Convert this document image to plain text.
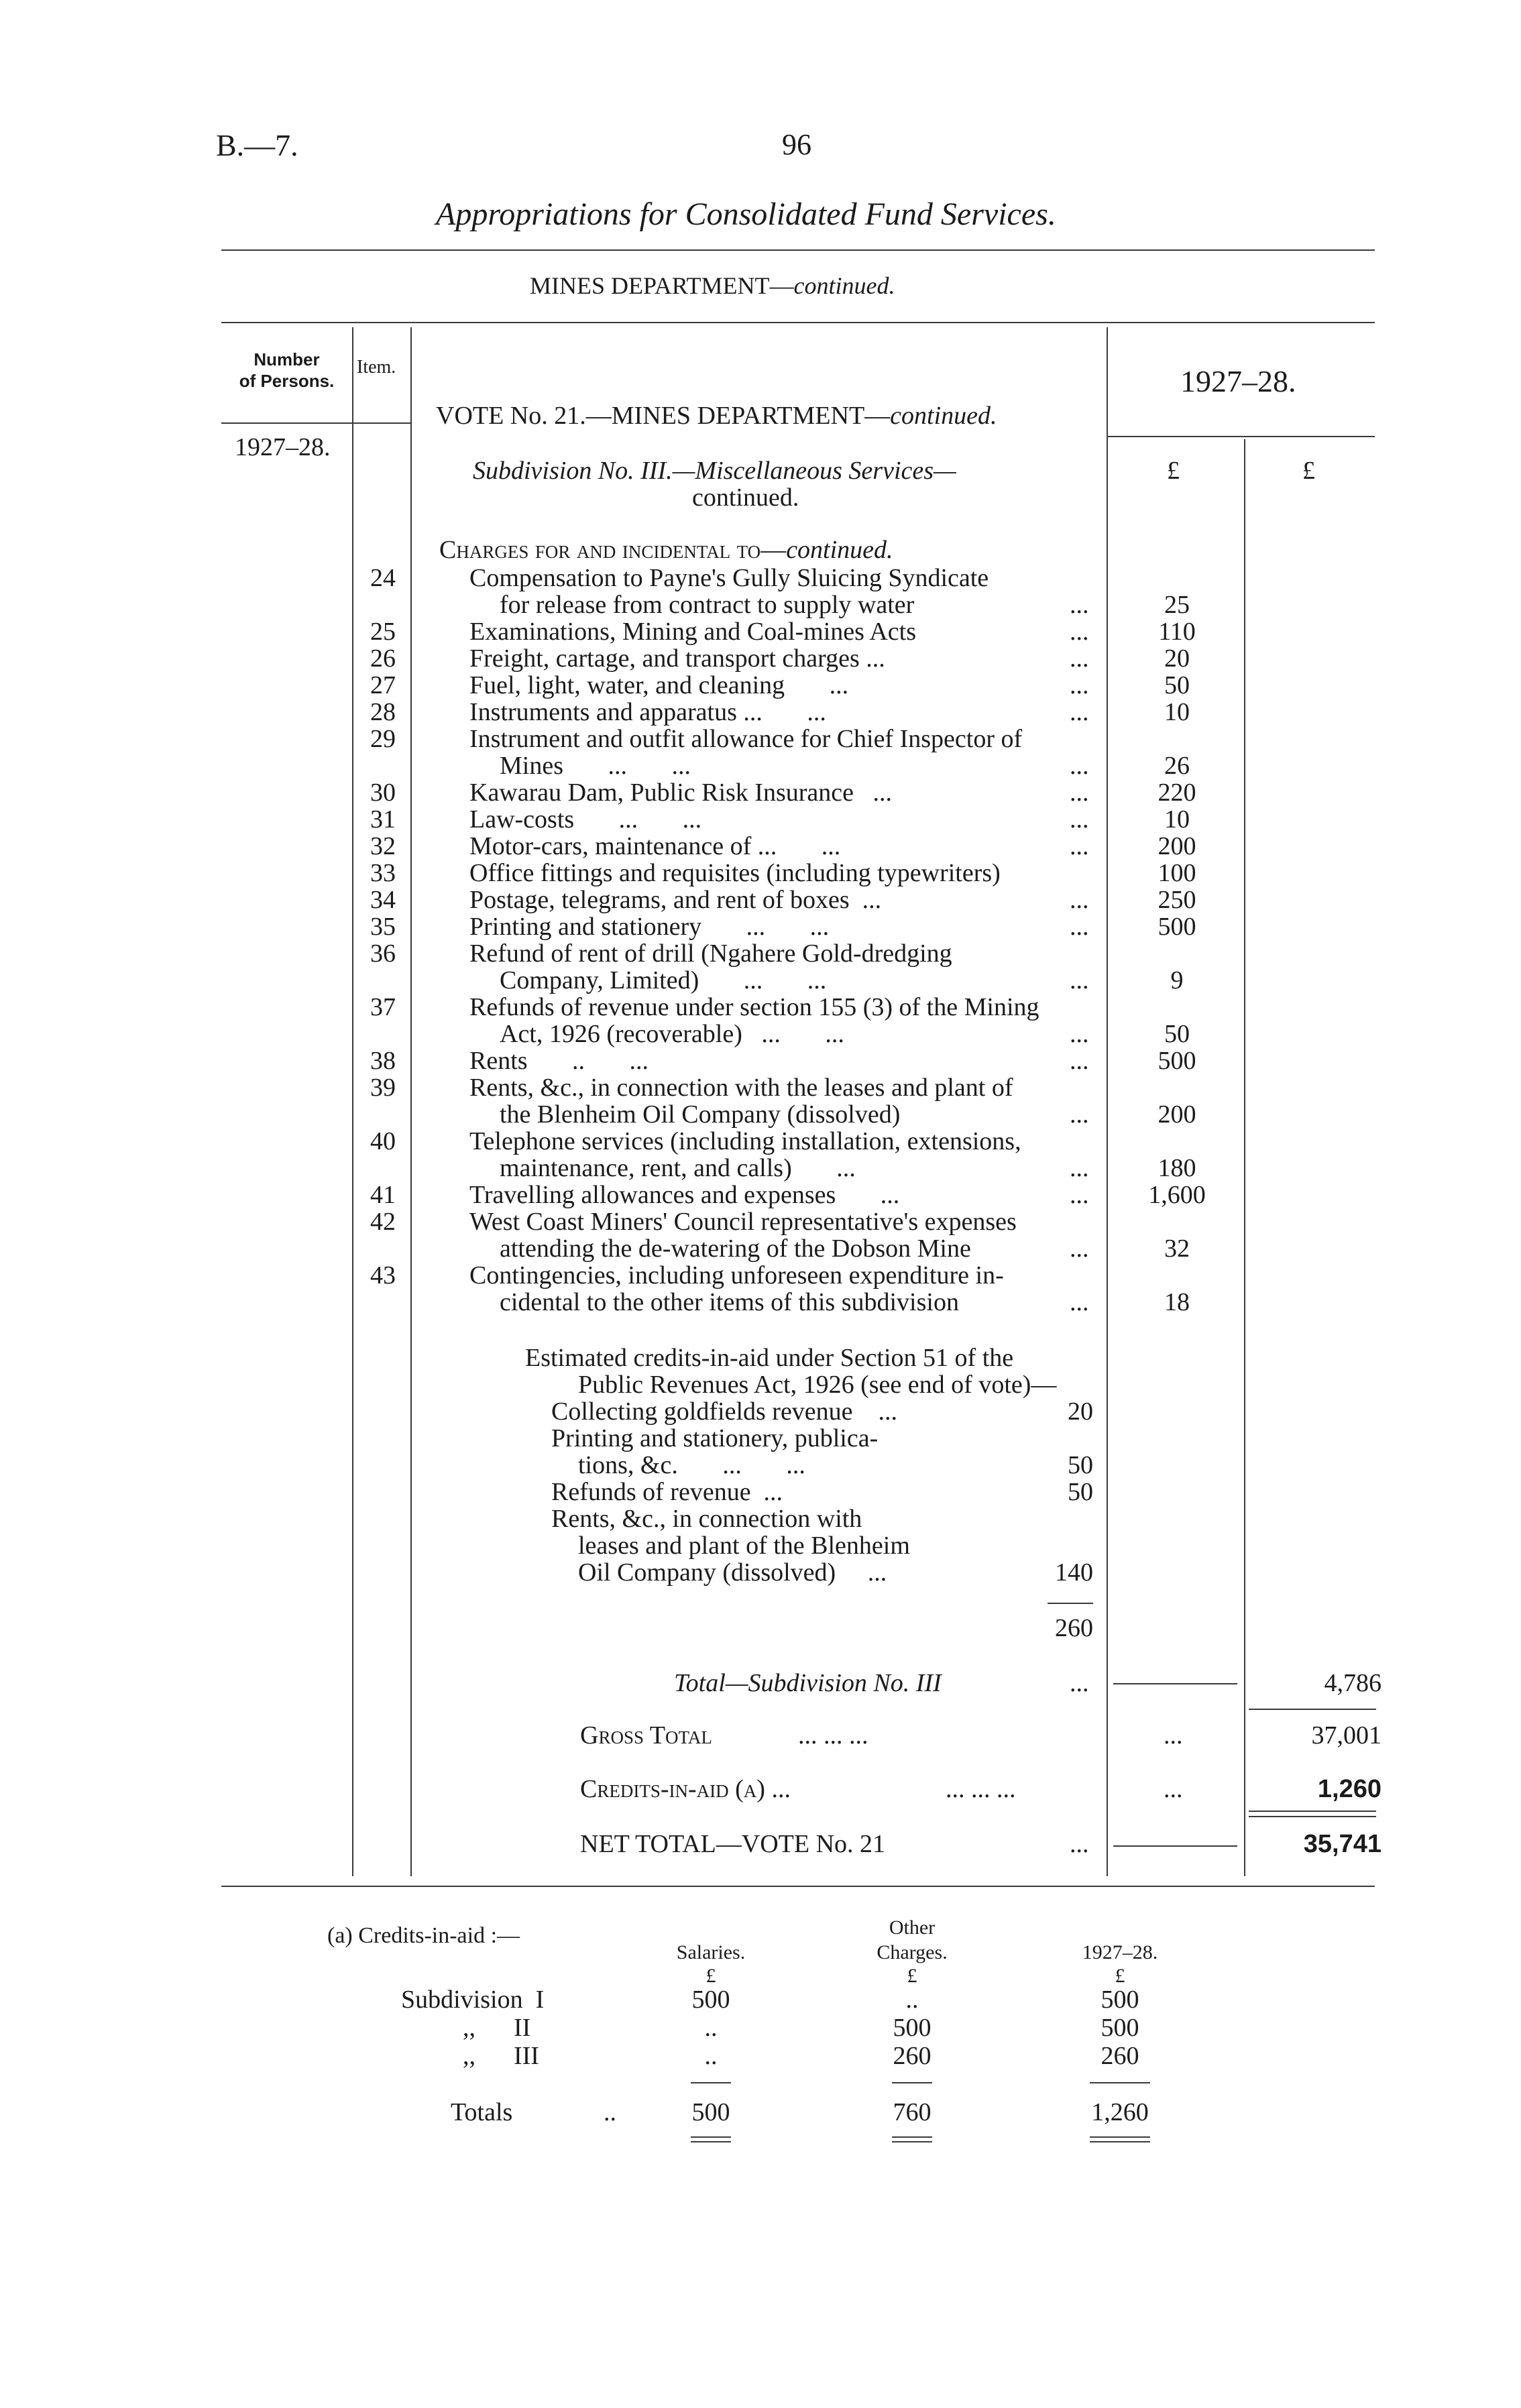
B.—7.	96
Appropriations for Consolidated Fund Services.
MINES DEPARTMENT—continued.
Number
of Persons.
Item.	1927–28.
1927–28.
VOTE No. 21.—MINES DEPARTMENT—continued.
Subdivision No. III.—Miscellaneous Services—
continued.
£	£
Charges for and incidental to—continued.
24	Compensation to Payne's Gully Sluicing Syndicate
for release from contract to supply water	...	25
25	Examinations, Mining and Coal-mines Acts	...	110
26	Freight, cartage, and transport charges ...	...	20
27	Fuel, light, water, and cleaning       ...	...	50
28	Instruments and apparatus ...       ...	...	10
29	Instrument and outfit allowance for Chief Inspector of
Mines       ...       ...	...	26
30	Kawarau Dam, Public Risk Insurance   ...	...	220
31	Law-costs       ...       ...	...	10
32	Motor-cars, maintenance of ...       ...	...	200
33	Office fittings and requisites (including typewriters)	100
34	Postage, telegrams, and rent of boxes  ...	...	250
35	Printing and stationery       ...       ...	...	500
36	Refund of rent of drill (Ngahere Gold-dredging
Company, Limited)       ...       ...	...	9
37	Refunds of revenue under section 155 (3) of the Mining
Act, 1926 (recoverable)   ...       ...	...	50
38	Rents       ..       ...	...	500
39	Rents, &c., in connection with the leases and plant of
the Blenheim Oil Company (dissolved)	...	200
40	Telephone services (including installation, extensions,
maintenance, rent, and calls)       ...	...	180
41	Travelling allowances and expenses       ...	...	1,600
42	West Coast Miners' Council representative's expenses
attending the de-watering of the Dobson Mine	...	32
43	Contingencies, including unforeseen expenditure in-
cidental to the other items of this subdivision	...	18
Estimated credits-in-aid under Section 51 of the
Public Revenues Act, 1926 (see end of vote)—
Collecting goldfields revenue    ...	20
Printing and stationery, publica-
tions, &c.       ...       ...	50
Refunds of revenue  ...	50
Rents, &c., in connection with
leases and plant of the Blenheim
Oil Company (dissolved)     ...	140
260
Total—Subdivision No. III	...	4,786
Gross Total	... ... ...	...	37,001
Credits-in-aid (a) ...	... ... ...	...	1,260
NET TOTAL—VOTE No. 21	...	35,741
(a) Credits-in-aid :—	Other
Salaries.	Charges.	1927–28.
£	£	£
Subdivision  I	500	..	500
,,      II	..	500	500
,,      III	..	260	260
Totals	..	500	760	1,260
